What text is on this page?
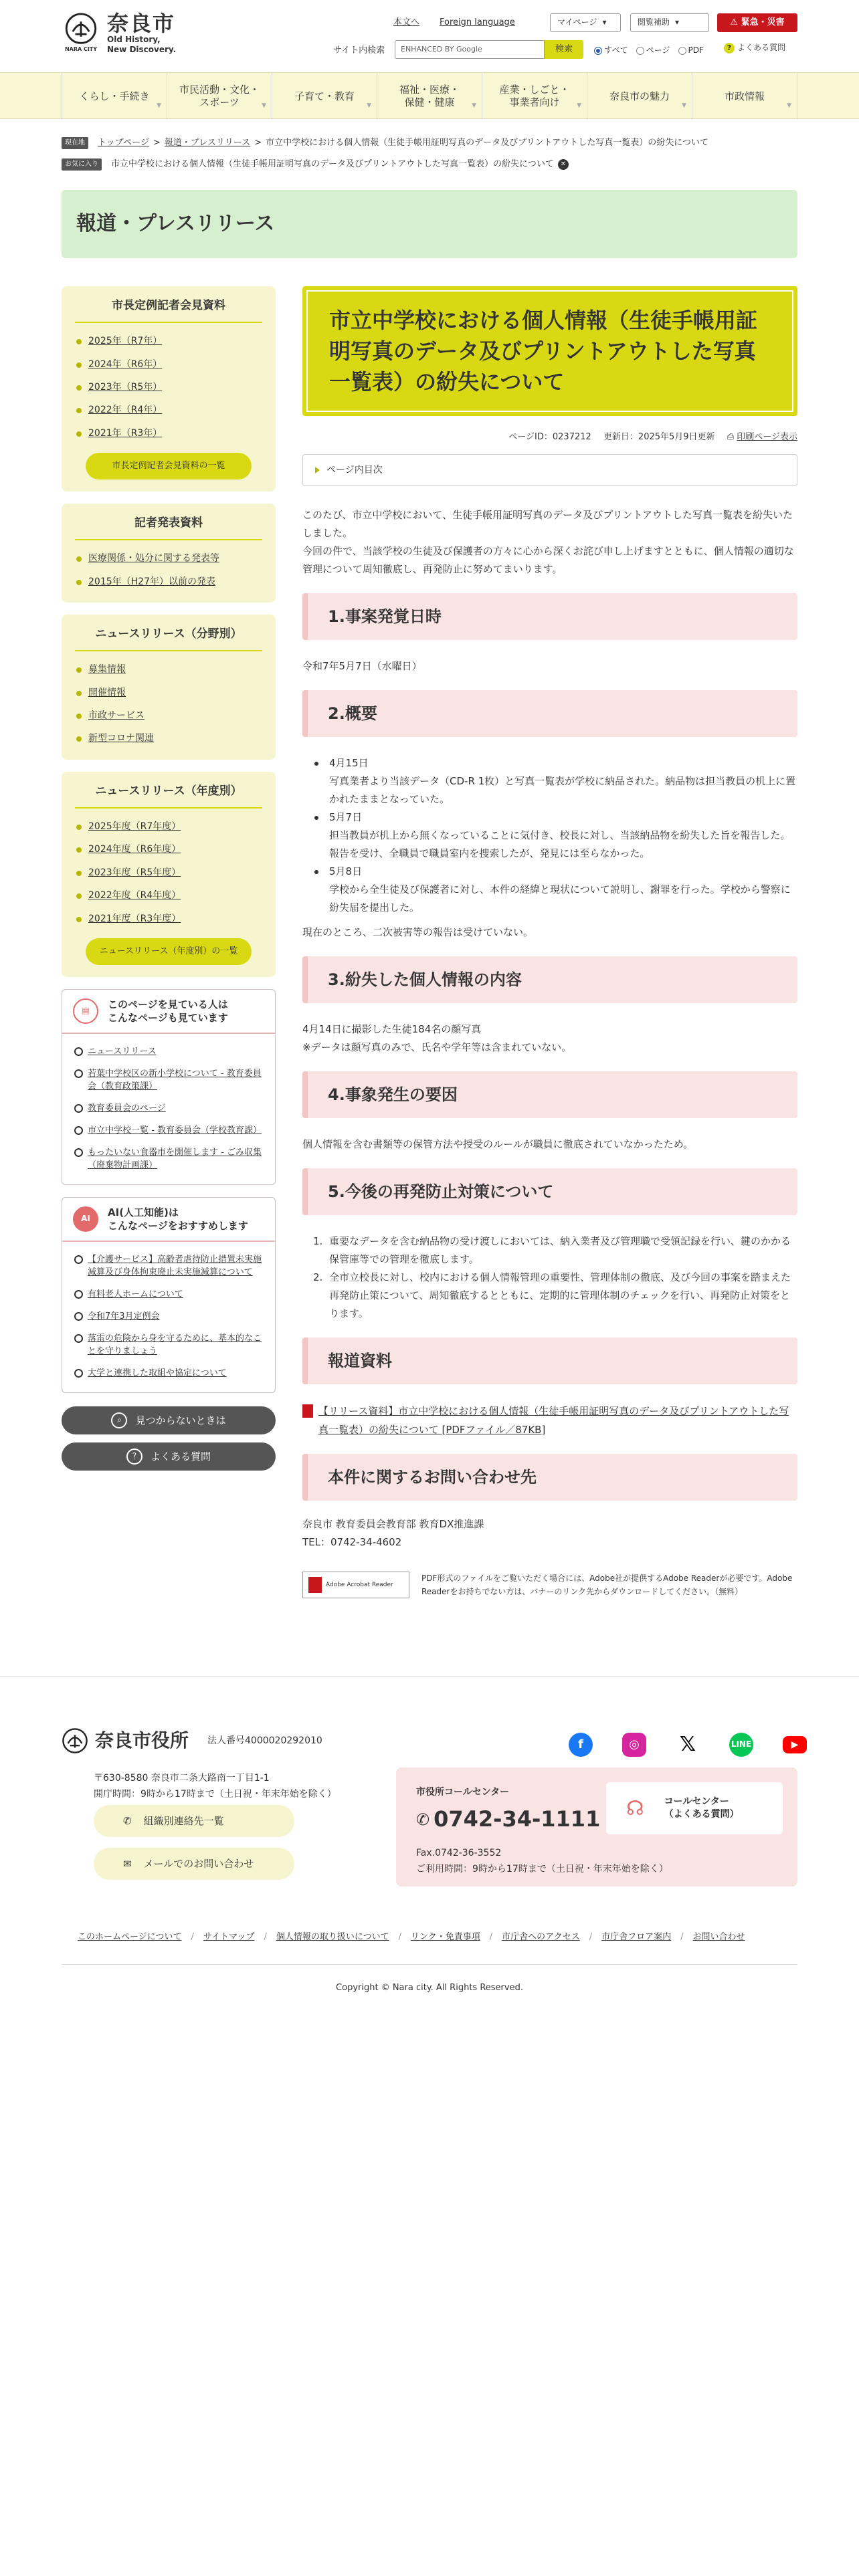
NARA CITY
奈良市
Old History,
New Discovery.
本文へ Foreign language	マイページ ▾	閲覧補助 ▾	⚠ 緊急・災害
サイト内検索	ENHANCED BY Google	検索	すべて ページ PDF	? よくある質問
くらし・手続き
▼
市民活動・文化・
スポーツ	▼
子育て・教育
▼
福祉・医療・
保健・健康	▼
産業・しごと・
事業者向け	▼
奈良市の魅力
▼
市政情報
▼
現在地	トップページ > 報道・プレスリリース > 市立中学校における個人情報（生徒手帳用証明写真のデータ及びプリントアウトした写真一覧表）の紛失について
お気に入り	市立中学校における個人情報（生徒手帳用証明写真のデータ及びプリントアウトした写真一覧表）の紛失について ✕
報道・プレスリリース
市長定例記者会見資料
2025年（R7年）
2024年（R6年）
2023年（R5年）
2022年（R4年）
2021年（R3年）
市長定例記者会見資料の一覧
記者発表資料
医療関係・処分に関する発表等
2015年（H27年）以前の発表
ニュースリリース（分野別）
募集情報
開催情報
市政サービス
新型コロナ関連
ニュースリリース（年度別）
2025年度（R7年度）
2024年度（R6年度）
2023年度（R5年度）
2022年度（R4年度）
2021年度（R3年度）
ニュースリリース（年度別）の一覧
▤
このページを見ている人は
こんなページも見ています
ニュースリリース
若葉中学校区の新小学校について - 教育委員会（教育政策課）
教育委員会のページ
市立中学校一覧 - 教育委員会（学校教育課）
もったいない食器市を開催します - ごみ収集（廃棄物計画課）
AI
AI(人工知能)は
こんなページをおすすめします
【介護サービス】高齢者虐待防止措置未実施減算及び身体拘束廃止未実施減算について
有料老人ホームについて
令和7年3月定例会
落雷の危険から身を守るために、基本的なことを守りましょう
大学と連携した取組や協定について
⌕	見つからないときは
?	よくある質問
市立中学校における個人情報（生徒手帳用証明写真のデータ及びプリントアウトした写真一覧表）の紛失について
ページID：0237212 更新日：2025年5月9日更新 ⎙ 印刷ページ表示
ページ内目次

このたび、市立中学校において、生徒手帳用証明写真のデータ及びプリントアウトした写真一覧表を紛失いたしました。

今回の件で、当該学校の生徒及び保護者の方々に心から深くお詫び申し上げますとともに、個人情報の適切な管理について周知徹底し、再発防止に努めてまいります。

1.事案発覚日時

令和7年5月7日（水曜日）

2.概要
4月15日
写真業者より当該データ（CD-R 1枚）と写真一覧表が学校に納品された。納品物は担当教員の机上に置かれたままとなっていた。
5月7日
担当教員が机上から無くなっていることに気付き、校長に対し、当該納品物を紛失した旨を報告した。報告を受け、全職員で職員室内を捜索したが、発見には至らなかった。
5月8日
学校から全生徒及び保護者に対し、本件の経緯と現状について説明し、謝罪を行った。学校から警察に紛失届を提出した。

現在のところ、二次被害等の報告は受けていない。

3.紛失した個人情報の内容

4月14日に撮影した生徒184名の顔写真

※データは顔写真のみで、氏名や学年等は含まれていない。

4.事象発生の要因

個人情報を含む書類等の保管方法や授受のルールが職員に徹底されていなかったため。

5.今後の再発防止対策について
1. 重要なデータを含む納品物の受け渡しにおいては、納入業者及び管理職で受領記録を行い、鍵のかかる保管庫等での管理を徹底します。
2. 全市立校長に対し、校内における個人情報管理の重要性、管理体制の徹底、及び今回の事案を踏まえた再発防止策について、周知徹底するとともに、定期的に管理体制のチェックを行い、再発防止対策をとります。
報道資料
【リリース資料】市立中学校における個人情報（生徒手帳用証明写真のデータ及びプリントアウトした写真一覧表）の紛失について [PDFファイル／87KB]
本件に関するお問い合わせ先

奈良市 教育委員会教育部 教育DX推進課

TEL：0742-34-4602

Adobe Acrobat Reader
PDF形式のファイルをご覧いただく場合には、Adobe社が提供するAdobe Readerが必要です。Adobe Readerをお持ちでない方は、バナーのリンク先からダウンロードしてください。（無料）
奈良市役所 法人番号4000020292010	f	◎	𝕏	LINE	▶
〒630-8580 奈良市二条大路南一丁目1-1
開庁時間：9時から17時まで（土日祝・年末年始を除く）
✆ 組織別連絡先一覧
✉ メールでのお問い合わせ
市役所コールセンター
✆ 0742-34-1111
Fax.0742-36-3552
ご利用時間：9時から17時まで（土日祝・年末年始を除く）
☊ コールセンター
（よくある質問）
このホームページについて / サイトマップ / 個人情報の取り扱いについて / リンク・免責事項 / 市庁舎へのアクセス / 市庁舎フロア案内 / お問い合わせ
Copyright © Nara city. All Rights Reserved.
